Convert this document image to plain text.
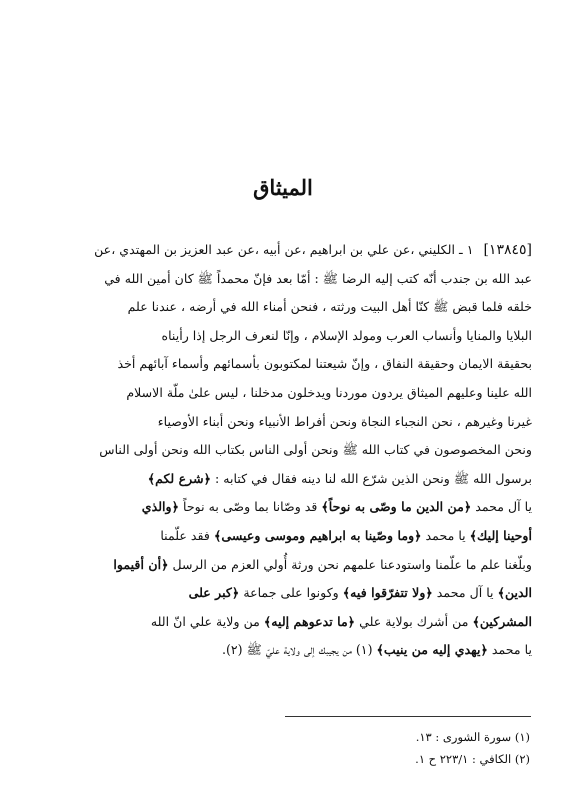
الميثاق

[١٣٨٤٥]١ ـ الكليني ،عن علي بن ابراهيم ،عن أبيه ،عن عبد العزيز بن المهتدي ،عن

عبد الله بن جندب أنّه كتب إليه الرضا ﷺ : أمّا بعد فإنّ محمداً ﷺ كان أمين الله في

خلقه فلما قبض ﷺ كنّا أهل البيت ورثته ، فنحن أمناء الله في أرضه ، عندنا علم

البلايا والمنايا وأنساب العرب ومولد الإسلام ، وإنّا لنعرف الرجل إذا رأيناه

بحقيقة الايمان وحقيقة النفاق ، وإنّ شيعتنا لمكتوبون بأسمائهم وأسماء آبائهم أخذ

الله علينا وعليهم الميثاق يردون موردنا ويدخلون مدخلنا ، ليس علىٰ ملّة الاسلام

غيرنا وغيرهم ، نحن النجباء النجاة ونحن أفراط الأنبياء ونحن أبناء الأوصياء

ونحن المخصوصون في كتاب الله ﷺ ونحن أولى الناس بكتاب الله ونحن أولى الناس

برسول الله ﷺ ونحن الذين شرّع الله لنا دينه فقال في كتابه : ﴿شرع لكم﴾

يا آل محمد ﴿من الدين ما وصّى به نوحاً﴾ قد وصّانا بما وصّى به نوحاً ﴿والذي

أوحينا إليك﴾ يا محمد ﴿وما وصّينا به ابراهيم وموسى وعيسى﴾ فقد علّمنا

وبلّغنا علم ما علّمنا واستودعنا علمهم نحن ورثة أُولي العزم من الرسل ﴿أن أقيموا

الدين﴾ يا آل محمد ﴿ولا تتفرّقوا فيه﴾ وكونوا على جماعة ﴿كبر على

المشركين﴾ من أشرك بولاية علي ﴿ما تدعوهم إليه﴾ من ولاية علي انّ الله

يا محمد ﴿يهدي إليه من ينيب﴾ (١) من يجيبك إلى ولاية عليّ ﷺ (٢).

(١) سورة الشورى : ١٣.
(٢) الكافي : ٢٢٣/١ ح ١.
